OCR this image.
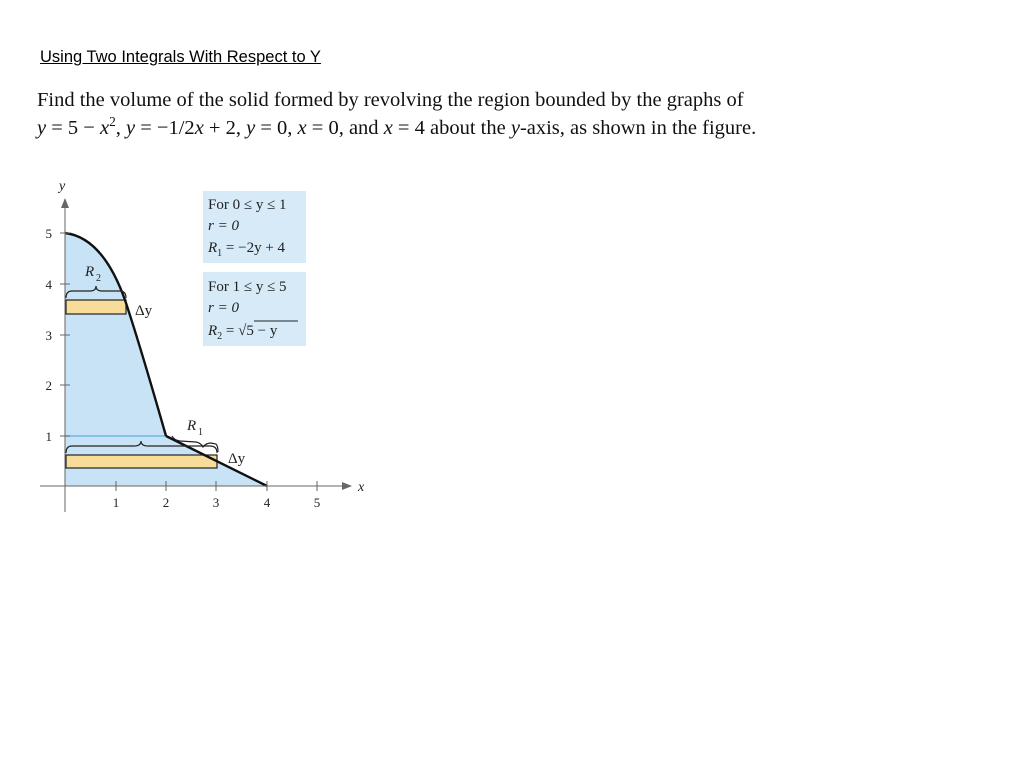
Using Two Integrals With Respect to Y

Find the volume of the solid formed by revolving the region bounded by the graphs of
$y = 5 - x^2$, y = −1/2x + 2, y = 0, x = 0, and x = 4 about the y-axis, as shown in the figure.

1	2	3	4	5
1
2
3
4
5
x
y
R 2
R 1
Δy
Δy
For 0 ≤ y ≤ 1
r = 0
$R_1 = -2y + 4$
For 1 ≤ y ≤ 5
r = 0
$R_2 = √5 - y$
